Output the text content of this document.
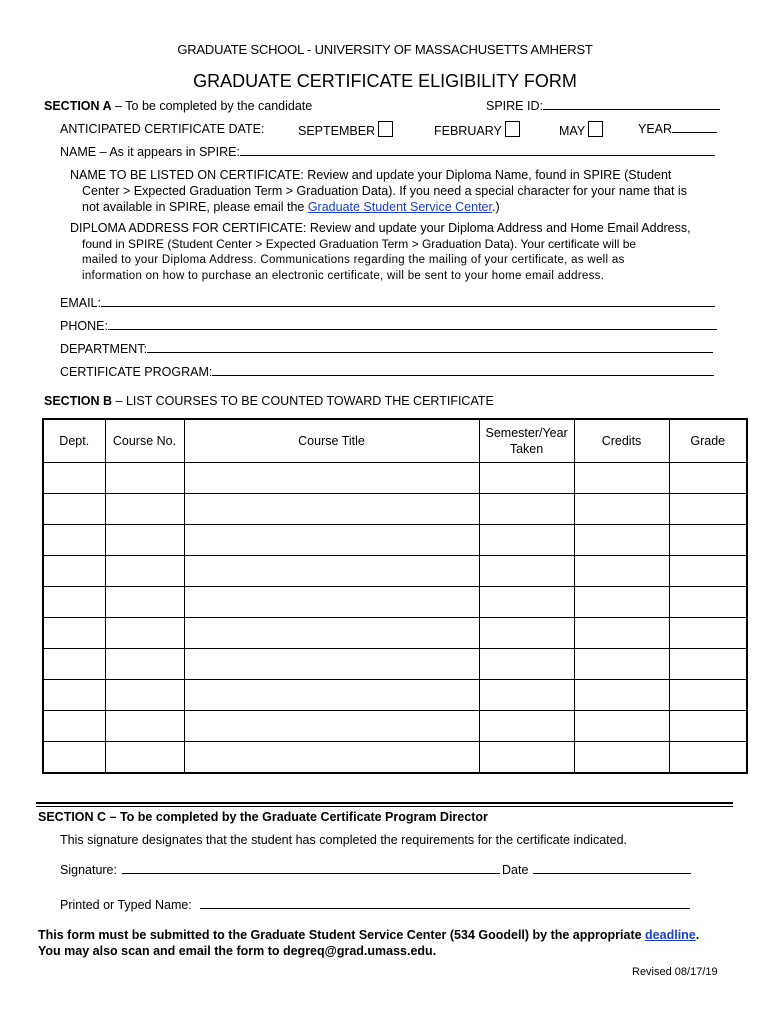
GRADUATE SCHOOL - UNIVERSITY OF MASSACHUSETTS AMHERST
GRADUATE CERTIFICATE ELIGIBILITY FORM
SECTION A – To be completed by the candidate	SPIRE ID:
ANTICIPATED CERTIFICATE DATE:	SEPTEMBER	FEBRUARY	MAY	YEAR
NAME – As it appears in SPIRE:
NAME TO BE LISTED ON CERTIFICATE: Review and update your Diploma Name, found in SPIRE (Student
Center > Expected Graduation Term > Graduation Data). If you need a special character for your name that is
not available in SPIRE, please email the Graduate Student Service Center.)
DIPLOMA ADDRESS FOR CERTIFICATE: Review and update your Diploma Address and Home Email Address,
found in SPIRE (Student Center > Expected Graduation Term > Graduation Data). Your certificate will be
mailed to your Diploma Address. Communications regarding the mailing of your certificate, as well as
information on how to purchase an electronic certificate, will be sent to your home email address.
EMAIL:
PHONE:
DEPARTMENT:
CERTIFICATE PROGRAM:
SECTION B – LIST COURSES TO BE COUNTED TOWARD THE CERTIFICATE
Dept.	Course No.	Course Title	Semester/Year Taken	Credits	Grade

SECTION C – To be completed by the Graduate Certificate Program Director
This signature designates that the student has completed the requirements for the certificate indicated.
Signature:	Date
Printed or Typed Name:
This form must be submitted to the Graduate Student Service Center (534 Goodell) by the appropriate deadline.
You may also scan and email the form to degreq@grad.umass.edu.
Revised 08/17/19
